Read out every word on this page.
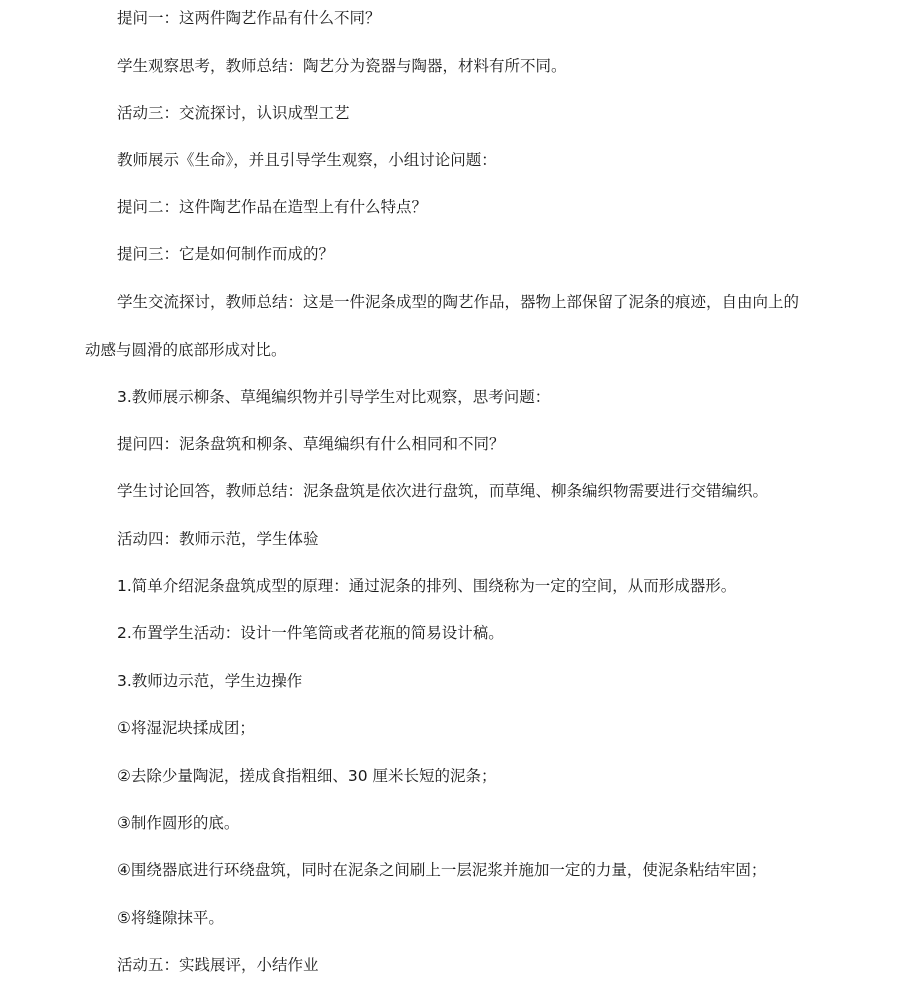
提问一：这两件陶艺作品有什么不同？

学生观察思考，教师总结：陶艺分为瓷器与陶器，材料有所不同。

活动三：交流探讨，认识成型工艺

教师展示《生命》，并且引导学生观察，小组讨论问题：

提问二：这件陶艺作品在造型上有什么特点？

提问三：它是如何制作而成的？

学生交流探讨，教师总结：这是一件泥条成型的陶艺作品，器物上部保留了泥条的痕迹，自由向上的

动感与圆滑的底部形成对比。

3.教师展示柳条、草绳编织物并引导学生对比观察，思考问题：

提问四：泥条盘筑和柳条、草绳编织有什么相同和不同？

学生讨论回答，教师总结：泥条盘筑是依次进行盘筑，而草绳、柳条编织物需要进行交错编织。

活动四：教师示范，学生体验

1.简单介绍泥条盘筑成型的原理：通过泥条的排列、围绕称为一定的空间，从而形成器形。

2.布置学生活动：设计一件笔筒或者花瓶的简易设计稿。

3.教师边示范，学生边操作

①将湿泥块揉成团；

②去除少量陶泥，搓成食指粗细、30 厘米长短的泥条；

③制作圆形的底。

④围绕器底进行环绕盘筑，同时在泥条之间刷上一层泥浆并施加一定的力量，使泥条粘结牢固；

⑤将缝隙抹平。

活动五：实践展评，小结作业
